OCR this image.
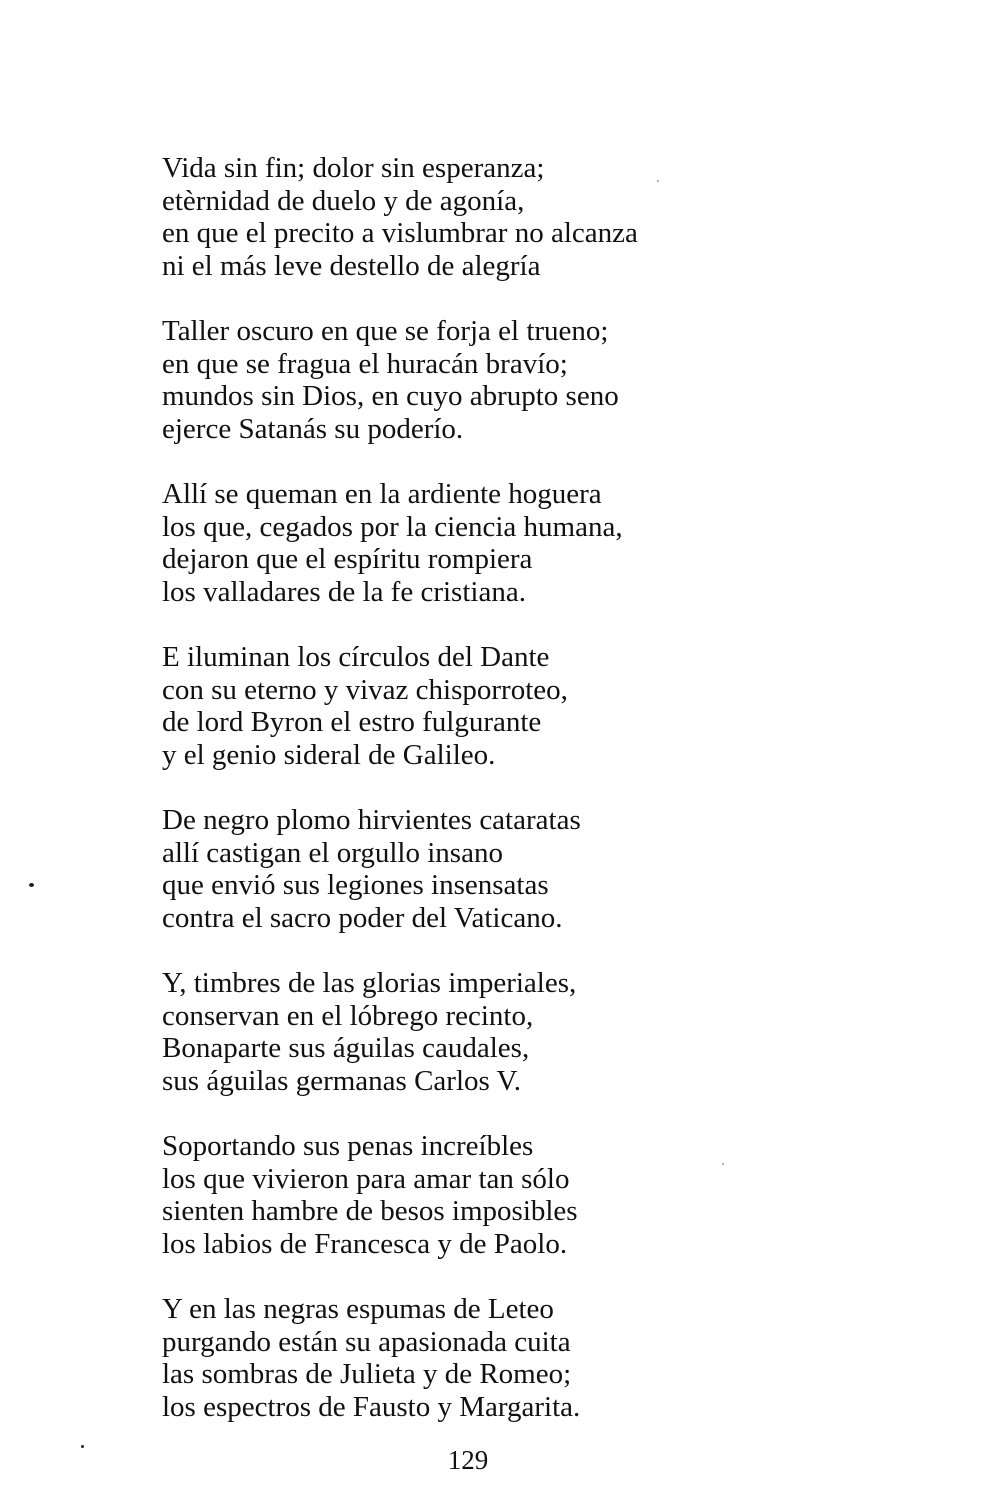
Vida sin fin; dolor sin esperanza;
etèrnidad de duelo y de agonía,
en que el precito a vislumbrar no alcanza
ni el más leve destello de alegría
Taller oscuro en que se forja el trueno;
en que se fragua el huracán bravío;
mundos sin Dios, en cuyo abrupto seno
ejerce Satanás su poderío.
Allí se queman en la ardiente hoguera
los que, cegados por la ciencia humana,
dejaron que el espíritu rompiera
los valladares de la fe cristiana.
E iluminan los círculos del Dante
con su eterno y vivaz chisporroteo,
de lord Byron el estro fulgurante
y el genio sideral de Galileo.
De negro plomo hirvientes cataratas
allí castigan el orgullo insano
que envió sus legiones insensatas
contra el sacro poder del Vaticano.
Y, timbres de las glorias imperiales,
conservan en el lóbrego recinto,
Bonaparte sus águilas caudales,
sus águilas germanas Carlos V.
Soportando sus penas increíbles
los que vivieron para amar tan sólo
sienten hambre de besos imposibles
los labios de Francesca y de Paolo.
Y en las negras espumas de Leteo
purgando están su apasionada cuita
las sombras de Julieta y de Romeo;
los espectros de Fausto y Margarita.
129
